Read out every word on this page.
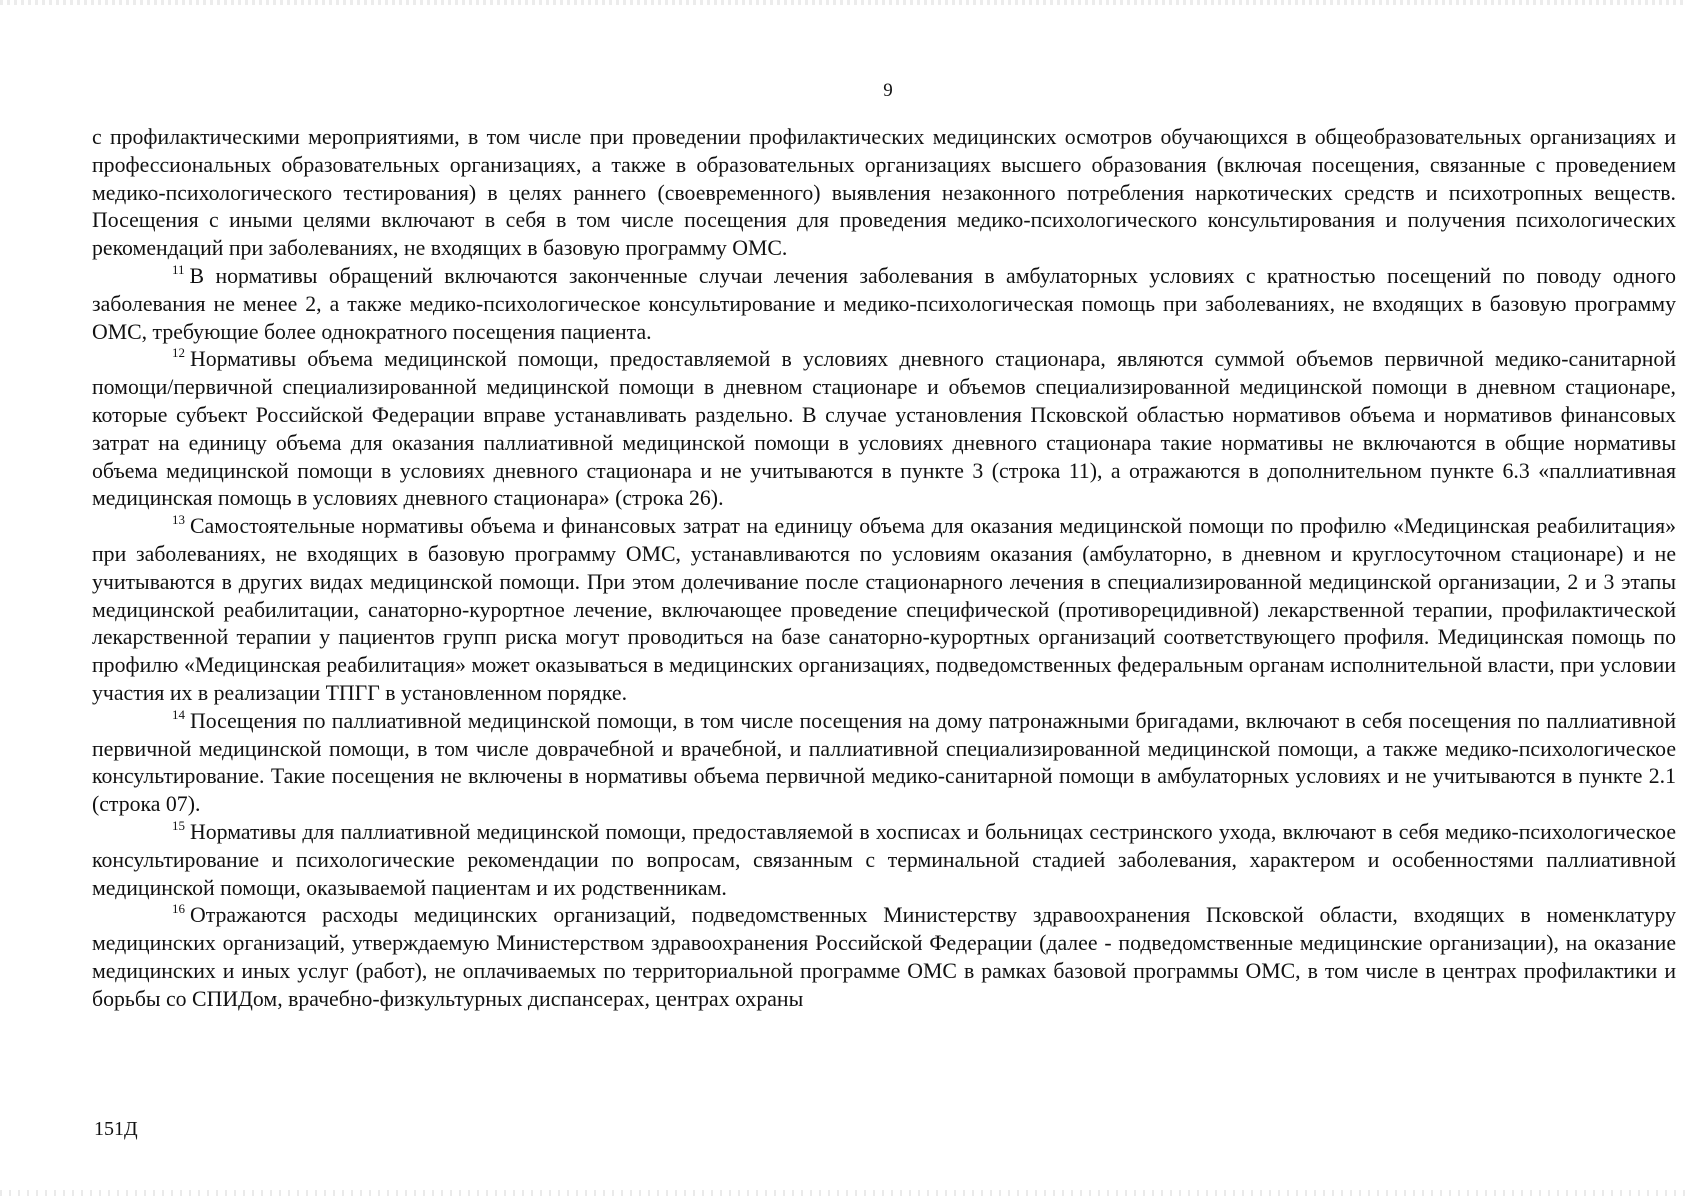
9

с профилактическими мероприятиями, в том числе при проведении профилактических медицинских осмотров обучающихся в общеобразовательных организациях и профессиональных образовательных организациях, а также в образовательных организациях высшего образования (включая посещения, связанные с проведением медико-психологического тестирования) в целях раннего (своевременного) выявления незаконного потребления наркотических средств и психотропных веществ. Посещения с иными целями включают в себя в том числе посещения для проведения медико-психологического консультирования и получения психологических рекомендаций при заболеваниях, не входящих в базовую программу ОМС.

$^{11}$ В нормативы обращений включаются законченные случаи лечения заболевания в амбулаторных условиях с кратностью посещений по поводу одного заболевания не менее 2, а также медико-психологическое консультирование и медико-психологическая помощь при заболеваниях, не входящих в базовую программу ОМС, требующие более однократного посещения пациента.

$^{12}$ Нормативы объема медицинской помощи, предоставляемой в условиях дневного стационара, являются суммой объемов первичной медико-санитарной помощи/первичной специализированной медицинской помощи в дневном стационаре и объемов специализированной медицинской помощи в дневном стационаре, которые субъект Российской Федерации вправе устанавливать раздельно. В случае установления Псковской областью нормативов объема и нормативов финансовых затрат на единицу объема для оказания паллиативной медицинской помощи в условиях дневного стационара такие нормативы не включаются в общие нормативы объема медицинской помощи в условиях дневного стационара и не учитываются в пункте 3 (строка 11), а отражаются в дополнительном пункте 6.3 «паллиативная медицинская помощь в условиях дневного стационара» (строка 26).

$^{13}$ Самостоятельные нормативы объема и финансовых затрат на единицу объема для оказания медицинской помощи по профилю «Медицинская реабилитация» при заболеваниях, не входящих в базовую программу ОМС, устанавливаются по условиям оказания (амбулаторно, в дневном и круглосуточном стационаре) и не учитываются в других видах медицинской помощи. При этом долечивание после стационарного лечения в специализированной медицинской организации, 2 и 3 этапы медицинской реабилитации, санаторно-курортное лечение, включающее проведение специфической (противорецидивной) лекарственной терапии, профилактической лекарственной терапии у пациентов групп риска могут проводиться на базе санаторно-курортных организаций соответствующего профиля. Медицинская помощь по профилю «Медицинская реабилитация» может оказываться в медицинских организациях, подведомственных федеральным органам исполнительной власти, при условии участия их в реализации ТПГГ в установленном порядке.

$^{14}$ Посещения по паллиативной медицинской помощи, в том числе посещения на дому патронажными бригадами, включают в себя посещения по паллиативной первичной медицинской помощи, в том числе доврачебной и врачебной, и паллиативной специализированной медицинской помощи, а также медико-психологическое консультирование. Такие посещения не включены в нормативы объема первичной медико-санитарной помощи в амбулаторных условиях и не учитываются в пункте 2.1 (строка 07).

$^{15}$ Нормативы для паллиативной медицинской помощи, предоставляемой в хосписах и больницах сестринского ухода, включают в себя медико-психологическое консультирование и психологические рекомендации по вопросам, связанным с терминальной стадией заболевания, характером и особенностями паллиативной медицинской помощи, оказываемой пациентам и их родственникам.

$^{16}$ Отражаются расходы медицинских организаций, подведомственных Министерству здравоохранения Псковской области, входящих в номенклатуру медицинских организаций, утверждаемую Министерством здравоохранения Российской Федерации (далее - подведомственные медицинские организации), на оказание медицинских и иных услуг (работ), не оплачиваемых по территориальной программе ОМС в рамках базовой программы ОМС, в том числе в центрах профилактики и борьбы со СПИДом, врачебно-физкультурных диспансерах, центрах охраны

151Д
